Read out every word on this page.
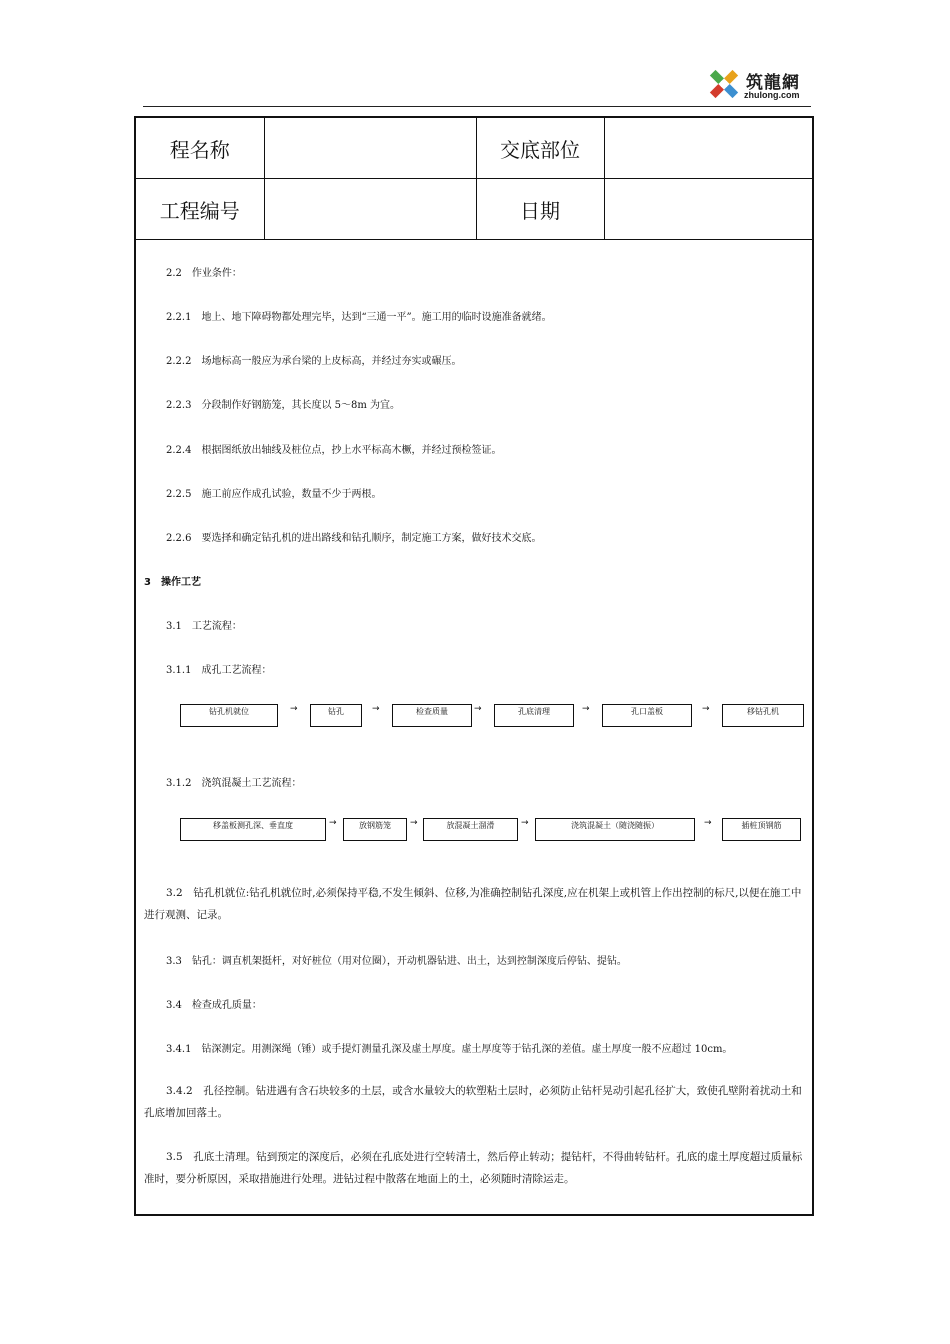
筑龍網
zhulong.com
程名称		交底部位	
工程编号		日期	
2.2　作业条件：
2.2.1　地上、地下障碍物都处理完毕，达到“三通一平”。施工用的临时设施准备就绪。
2.2.2　场地标高一般应为承台梁的上皮标高，并经过夯实或碾压。
2.2.3　分段制作好钢筋笼，其长度以 5～8m 为宜。
2.2.4　根据图纸放出轴线及桩位点，抄上水平标高木橛，并经过预检签证。
2.2.5　施工前应作成孔试验，数量不少于两根。
2.2.6　要选择和确定钻孔机的进出路线和钻孔顺序，制定施工方案，做好技术交底。
3　操作工艺
3.1　工艺流程：
3.1.1　成孔工艺流程：
钻孔机就位	→	钻孔	→	检查质量	→	孔底清理	→	孔口盖板	→	移钻孔机
3.1.2　浇筑混凝土工艺流程：
移盖板测孔深、垂直度	→	放钢筋笼	→	放混凝土溜滑	→	浇筑混凝土（随浇随振）	→	插桩顶钢筋
3.2　钻孔机就位:钻孔机就位时,必须保持平稳,不发生倾斜、位移,为准确控制钻孔深度,应在机架上或机管上作出控制的标尺,以便在施工中进行观测、记录。
3.3　钻孔：调直机架挺杆，对好桩位（用对位圈），开动机器钻进、出土，达到控制深度后停钻、提钻。
3.4　检查成孔质量：
3.4.1　钻深测定。用测深绳（锤）或手提灯测量孔深及虚土厚度。虚土厚度等于钻孔深的差值。虚土厚度一般不应超过 10cm。
3.4.2　孔径控制。钻进遇有含石块较多的土层，或含水量较大的软塑粘土层时，必须防止钻杆晃动引起孔径扩大，致使孔壁附着扰动土和孔底增加回落土。
3.5　孔底土清理。钻到预定的深度后，必须在孔底处进行空转清土，然后停止转动；提钻杆，不得曲转钻杆。孔底的虚土厚度超过质量标准时，要分析原因，采取措施进行处理。进钻过程中散落在地面上的土，必须随时清除运走。
